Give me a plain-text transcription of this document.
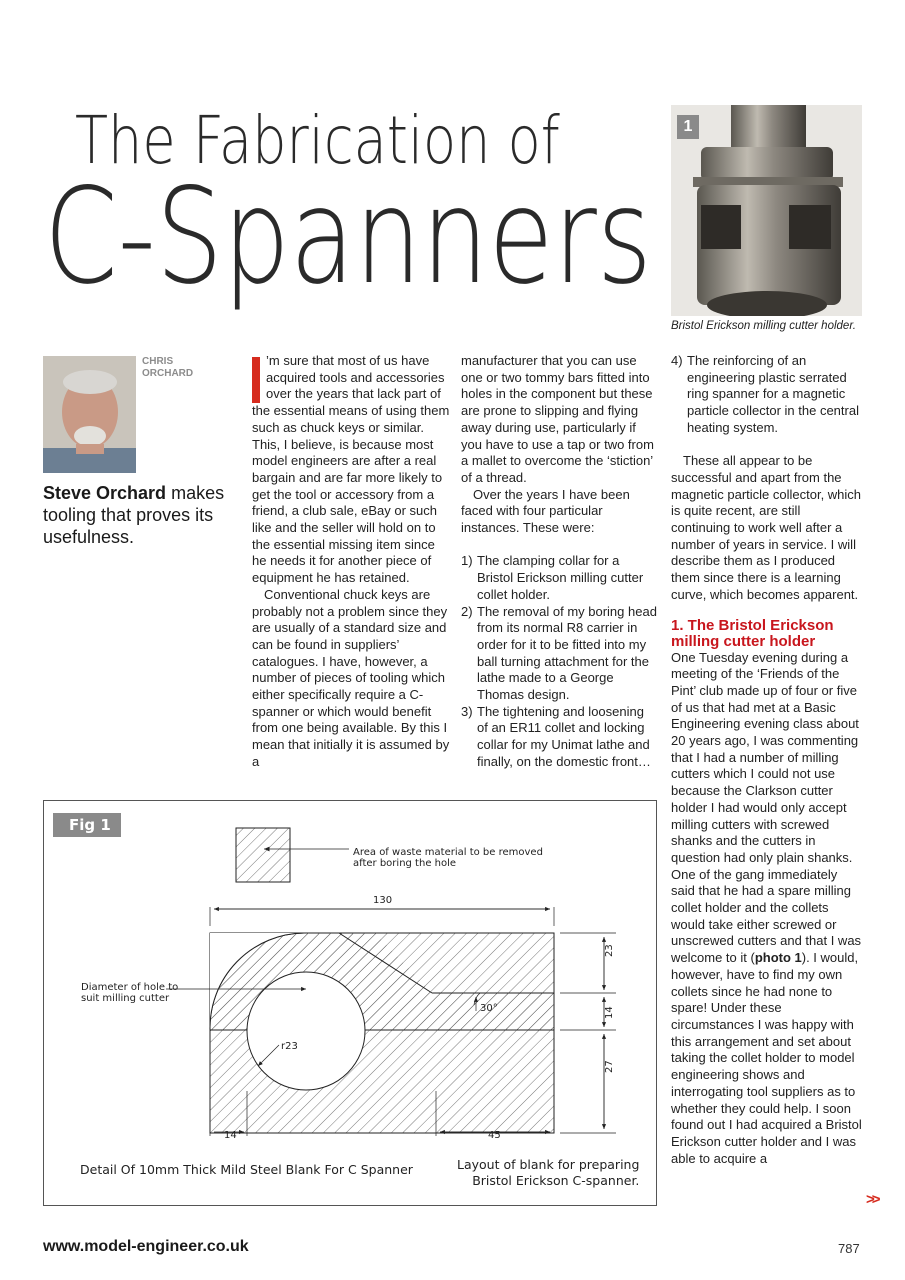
The Fabrication of
C-Spanners
1
Bristol Erickson milling cutter holder.
CHRIS
ORCHARD
Steve Orchard makes tooling that proves its usefulness.

’m sure that most of us have acquired tools and accessories over the years that lack part of the essential means of using them such as chuck keys or similar. This, I believe, is because most model engineers are after a real bargain and are far more likely to get the tool or accessory from a friend, a club sale, eBay or such like and the seller will hold on to the essential missing item since he needs it for another piece of equipment he has retained.

Conventional chuck keys are probably not a problem since they are usually of a standard size and can be found in suppliers’ catalogues. I have, however, a number of pieces of tooling which either specifically require a C-spanner or which would benefit from one being available. By this I mean that initially it is assumed by a

manufacturer that you can use one or two tommy bars fitted into holes in the component but these are prone to slipping and flying away during use, particularly if you have to use a tap or two from a mallet to overcome the ‘stiction’ of a thread.

Over the years I have been faced with four particular instances. These were:

1) The clamping collar for a Bristol Erickson milling cutter collet holder.
2) The removal of my boring head from its normal R8 carrier in order for it to be fitted into my ball turning attachment for the lathe made to a George Thomas design.
3) The tightening and loosening of an ER11 collet and locking collar for my Unimat lathe and finally, on the domestic front…
4) The reinforcing of an engineering plastic serrated ring spanner for a magnetic particle collector in the central heating system.

These all appear to be successful and apart from the magnetic particle collector, which is quite recent, are still continuing to work well after a number of years in service. I will describe them as I produced them since there is a learning curve, which becomes apparent.

1. The Bristol Erickson milling cutter holder

One Tuesday evening during a meeting of the ‘Friends of the Pint’ club made up of four or five of us that had met at a Basic Engineering evening class about 20 years ago, I was commenting that I had a number of milling cutters which I could not use because the Clarkson cutter holder I had would only accept milling cutters with screwed shanks and the cutters in question had only plain shanks. One of the gang immediately said that he had a spare milling collet holder and the collets would take either screwed or unscrewed cutters and that I was welcome to it (photo 1). I would, however, have to find my own collets since he had none to spare! Under these circumstances I was happy with this arrangement and set about taking the collet holder to model engineering shows and interrogating tool suppliers as to whether they could help. I soon found out I had acquired a Bristol Erickson cutter holder and I was able to acquire a

Fig 1
Area of waste material to be removed
after boring the hole
Diameter of hole to
suit milling cutter
130
23
14
27
14	45
r23
30°
Detail Of 10mm Thick Mild Steel Blank For C Spanner	Layout of blank for preparing
Bristol Erickson C-spanner.
>>
www.model-engineer.co.uk	787
